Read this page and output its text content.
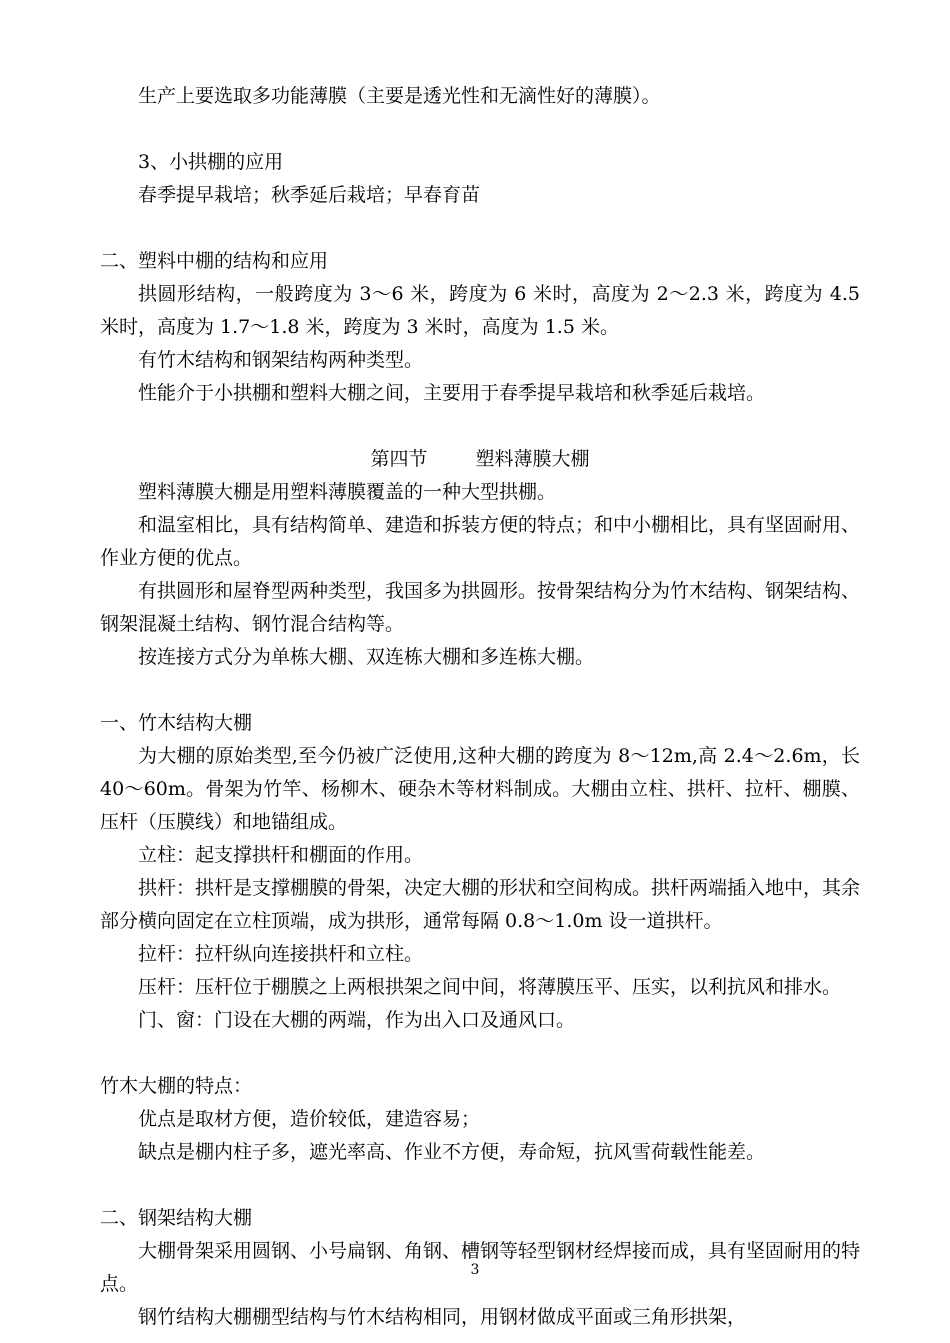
生产上要选取多功能薄膜（主要是透光性和无滴性好的薄膜）。

3、小拱棚的应用

春季提早栽培；秋季延后栽培；早春育苗

二、塑料中棚的结构和应用

拱圆形结构，一般跨度为 3～6 米，跨度为 6 米时，高度为 2～2.3 米，跨度为 4.5 米时，高度为 1.7～1.8 米，跨度为 3 米时，高度为 1.5 米。

有竹木结构和钢架结构两种类型。

性能介于小拱棚和塑料大棚之间，主要用于春季提早栽培和秋季延后栽培。

第四节	塑料薄膜大棚

塑料薄膜大棚是用塑料薄膜覆盖的一种大型拱棚。

和温室相比，具有结构简单、建造和拆装方便的特点；和中小棚相比，具有坚固耐用、作业方便的优点。

有拱圆形和屋脊型两种类型，我国多为拱圆形。按骨架结构分为竹木结构、钢架结构、钢架混凝土结构、钢竹混合结构等。

按连接方式分为单栋大棚、双连栋大棚和多连栋大棚。

一、竹木结构大棚

为大棚的原始类型,至今仍被广泛使用,这种大棚的跨度为 8～12m,高 2.4～2.6m，长 40～60m。骨架为竹竿、杨柳木、硬杂木等材料制成。大棚由立柱、拱杆、拉杆、棚膜、压杆（压膜线）和地锚组成。

立柱：起支撑拱杆和棚面的作用。

拱杆：拱杆是支撑棚膜的骨架，决定大棚的形状和空间构成。拱杆两端插入地中，其余部分横向固定在立柱顶端，成为拱形，通常每隔 0.8～1.0m 设一道拱杆。

拉杆：拉杆纵向连接拱杆和立柱。

压杆：压杆位于棚膜之上两根拱架之间中间，将薄膜压平、压实，以利抗风和排水。

门、窗：门设在大棚的两端，作为出入口及通风口。

竹木大棚的特点：

优点是取材方便，造价较低，建造容易；

缺点是棚内柱子多，遮光率高、作业不方便，寿命短，抗风雪荷载性能差。

二、钢架结构大棚

大棚骨架采用圆钢、小号扁钢、角钢、槽钢等轻型钢材经焊接而成，具有坚固耐用的特点。

钢竹结构大棚棚型结构与竹木结构相同，用钢材做成平面或三角形拱架，

3
